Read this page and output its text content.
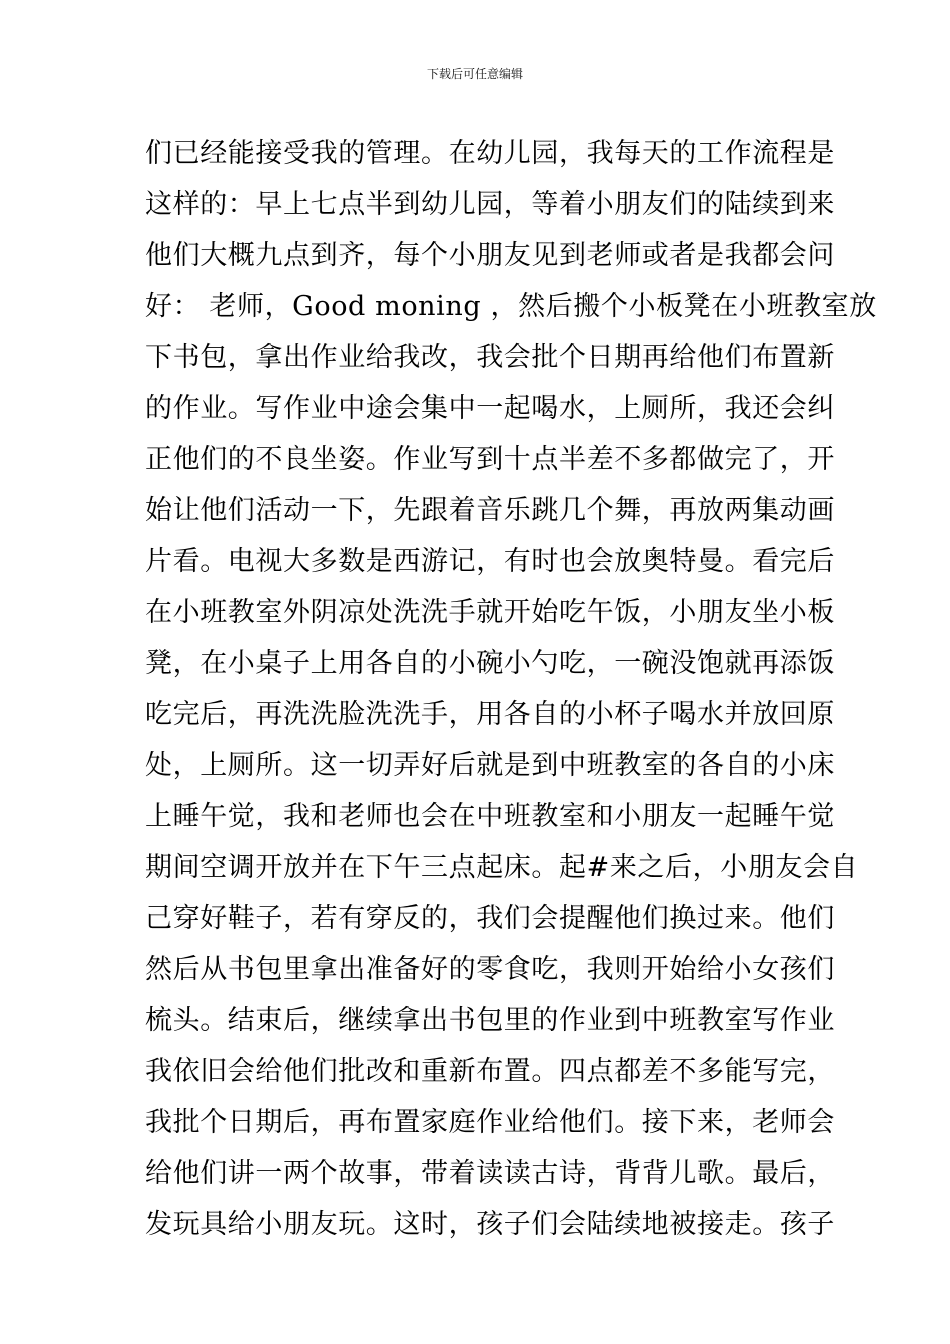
下载后可任意编辑
们已经能接受我的管理。在幼儿园，我每天的工作流程是
这样的：早上七点半到幼儿园，等着小朋友们的陆续到来
他们大概九点到齐，每个小朋友见到老师或者是我都会问
好： 老师，Good moning ，然后搬个小板凳在小班教室放
下书包，拿出作业给我改，我会批个日期再给他们布置新
的作业。写作业中途会集中一起喝水，上厕所，我还会纠
正他们的不良坐姿。作业写到十点半差不多都做完了，开
始让他们活动一下，先跟着音乐跳几个舞，再放两集动画
片看。电视大多数是西游记，有时也会放奥特曼。看完后
在小班教室外阴凉处洗洗手就开始吃午饭，小朋友坐小板
凳，在小桌子上用各自的小碗小勺吃，一碗没饱就再添饭
吃完后，再洗洗脸洗洗手，用各自的小杯子喝水并放回原
处，上厕所。这一切弄好后就是到中班教室的各自的小床
上睡午觉，我和老师也会在中班教室和小朋友一起睡午觉
期间空调开放并在下午三点起床。起#来之后，小朋友会自
己穿好鞋子，若有穿反的，我们会提醒他们换过来。他们
然后从书包里拿出准备好的零食吃，我则开始给小女孩们
梳头。结束后，继续拿出书包里的作业到中班教室写作业
我依旧会给他们批改和重新布置。四点都差不多能写完，
我批个日期后，再布置家庭作业给他们。接下来，老师会
给他们讲一两个故事，带着读读古诗，背背儿歌。最后，
发玩具给小朋友玩。这时，孩子们会陆续地被接走。孩子
